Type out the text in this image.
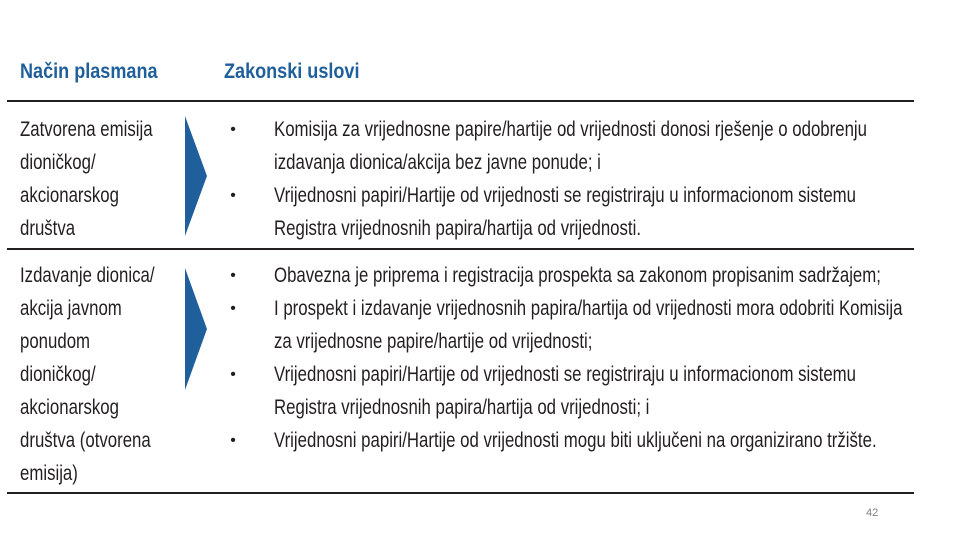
Način plasmana	Zakonski uslovi
Zatvorena emisija
dioničkog/
akcionarskog
društva
• Komisija za vrijednosne papire/hartije od vrijednosti donosi rješenje o odobrenju
izdavanja dionica/akcija bez javne ponude; i
• Vrijednosni papiri/Hartije od vrijednosti se registriraju u informacionom sistemu
Registra vrijednosnih papira/hartija od vrijednosti.
Izdavanje dionica/
akcija javnom
ponudom
dioničkog/
akcionarskog
društva (otvorena
emisija)
• Obavezna je priprema i registracija prospekta sa zakonom propisanim sadržajem;
• I prospekt i izdavanje vrijednosnih papira/hartija od vrijednosti mora odobriti Komisija
za vrijednosne papire/hartije od vrijednosti;
• Vrijednosni papiri/Hartije od vrijednosti se registriraju u informacionom sistemu
Registra vrijednosnih papira/hartija od vrijednosti; i
• Vrijednosni papiri/Hartije od vrijednosti mogu biti uključeni na organizirano tržište.
42
